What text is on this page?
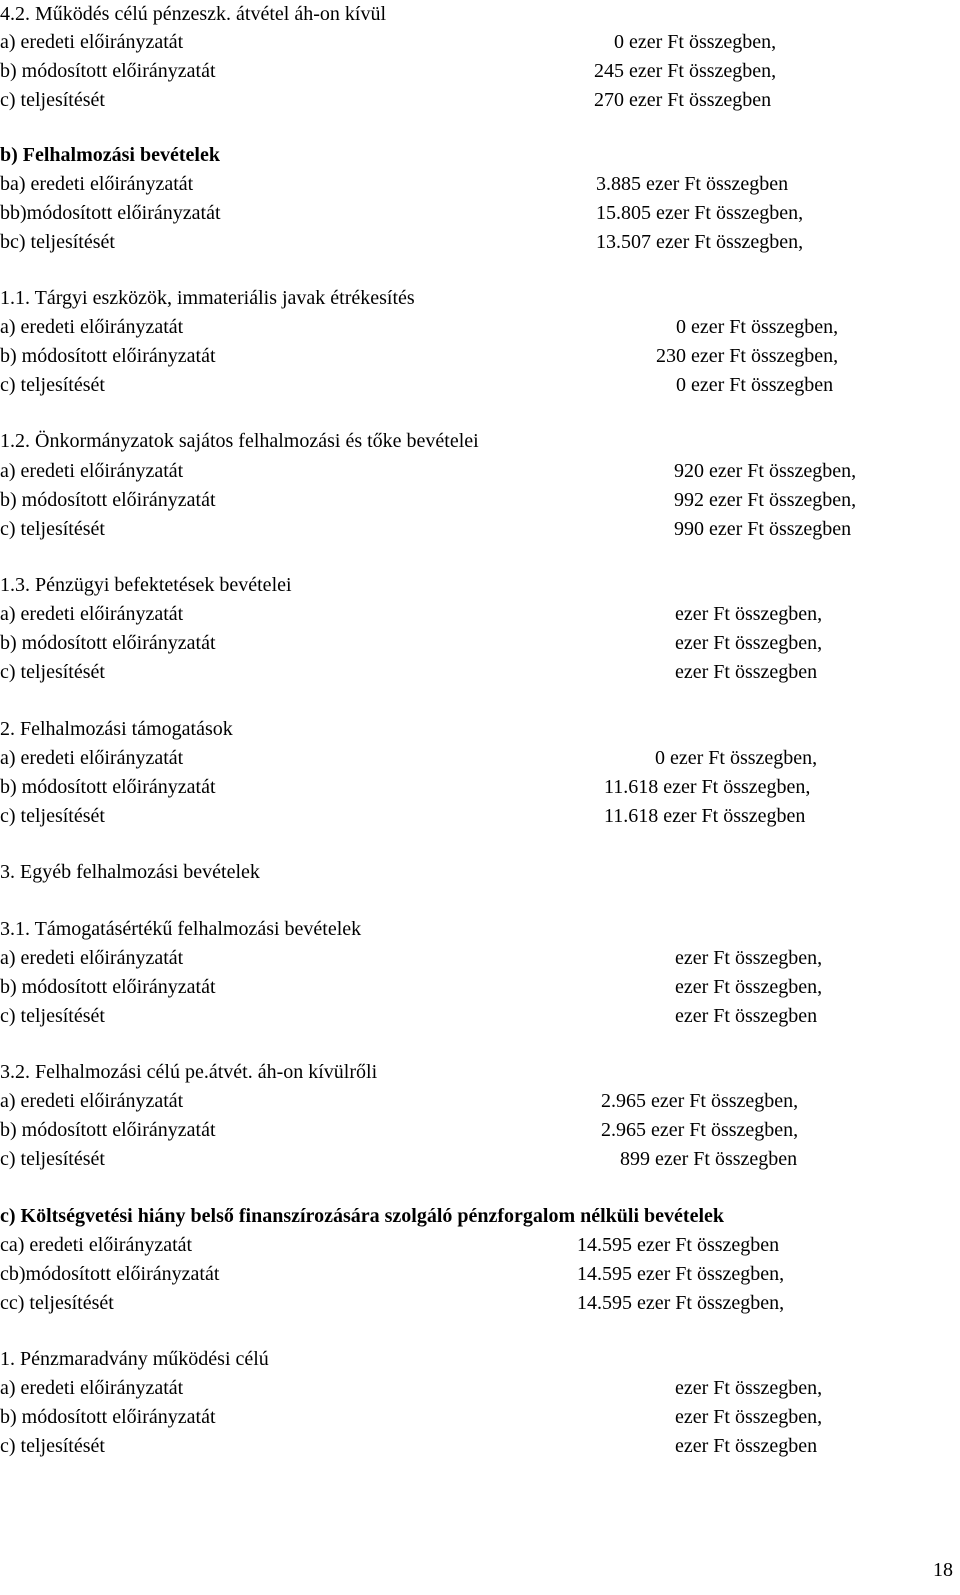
4.2. Működés célú pénzeszk. átvétel áh-on kívül
a) eredeti előirányzatát	0 ezer Ft összegben,
b) módosított előirányzatát	245 ezer Ft összegben,
c) teljesítését	270 ezer Ft összegben
b) Felhalmozási bevételek
ba) eredeti előirányzatát	3.885 ezer Ft összegben
bb)módosított előirányzatát	15.805 ezer Ft összegben,
bc) teljesítését	13.507 ezer Ft összegben,
1.1. Tárgyi eszközök, immateriális javak étrékesítés
a) eredeti előirányzatát	0 ezer Ft összegben,
b) módosított előirányzatát	230 ezer Ft összegben,
c) teljesítését	0 ezer Ft összegben
1.2. Önkormányzatok sajátos felhalmozási és tőke bevételei
a) eredeti előirányzatát	920 ezer Ft összegben,
b) módosított előirányzatát	992 ezer Ft összegben,
c) teljesítését	990 ezer Ft összegben
1.3. Pénzügyi befektetések bevételei
a) eredeti előirányzatát	ezer Ft összegben,
b) módosított előirányzatát	ezer Ft összegben,
c) teljesítését	ezer Ft összegben
2. Felhalmozási támogatások
a) eredeti előirányzatát	0 ezer Ft összegben,
b) módosított előirányzatát	11.618 ezer Ft összegben,
c) teljesítését	11.618 ezer Ft összegben
3. Egyéb felhalmozási bevételek
3.1. Támogatásértékű felhalmozási bevételek
a) eredeti előirányzatát	ezer Ft összegben,
b) módosított előirányzatát	ezer Ft összegben,
c) teljesítését	ezer Ft összegben
3.2. Felhalmozási célú pe.átvét. áh-on kívülrőli
a) eredeti előirányzatát	2.965 ezer Ft összegben,
b) módosított előirányzatát	2.965 ezer Ft összegben,
c) teljesítését	899 ezer Ft összegben
c) Költségvetési hiány belső finanszírozására szolgáló pénzforgalom nélküli bevételek
ca) eredeti előirányzatát	14.595 ezer Ft összegben
cb)módosított előirányzatát	14.595 ezer Ft összegben,
cc) teljesítését	14.595 ezer Ft összegben,
1. Pénzmaradvány működési célú
a) eredeti előirányzatát	ezer Ft összegben,
b) módosított előirányzatát	ezer Ft összegben,
c) teljesítését	ezer Ft összegben
18
